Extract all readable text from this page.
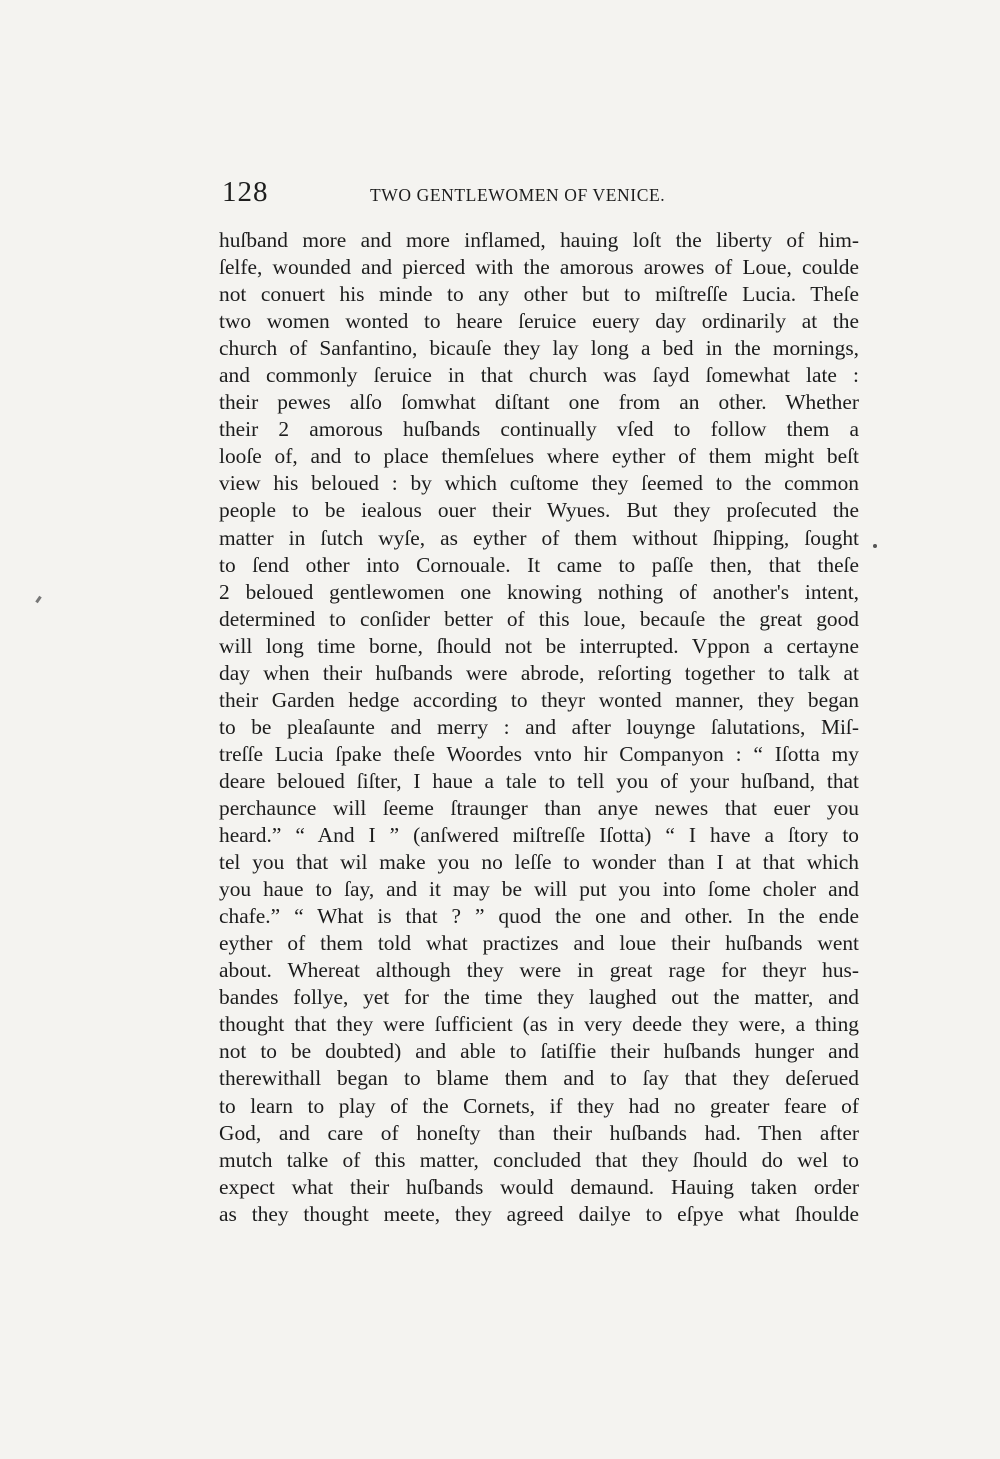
128	TWO GENTLEWOMEN OF VENICE.
huſband more and more inflamed, hauing loſt the liberty of him-
ſelfe, wounded and pierced with the amorous arowes of Loue, coulde
not conuert his minde to any other but to miſtreſſe Lucia. Theſe
two women wonted to heare ſeruice euery day ordinarily at the
church of Sanfantino, bicauſe they lay long a bed in the mornings,
and commonly ſeruice in that church was ſayd ſomewhat late :
their pewes alſo ſomwhat diſtant one from an other. Whether
their 2 amorous huſbands continually vſed to follow them a
looſe of, and to place themſelues where eyther of them might beſt
view his beloued : by which cuſtome they ſeemed to the common
people to be iealous ouer their Wyues. But they proſecuted the
matter in ſutch wyſe, as eyther of them without ſhipping, ſought
to ſend other into Cornouale. It came to paſſe then, that theſe
2 beloued gentlewomen one knowing nothing of another's intent,
determined to conſider better of this loue, becauſe the great good
will long time borne, ſhould not be interrupted. Vppon a certayne
day when their huſbands were abrode, reſorting together to talk at
their Garden hedge according to theyr wonted manner, they began
to be pleaſaunte and merry : and after louynge ſalutations, Miſ-
treſſe Lucia ſpake theſe Woordes vnto hir Companyon : “ Iſotta my
deare beloued ſiſter, I haue a tale to tell you of your huſband, that
perchaunce will ſeeme ſtraunger than anye newes that euer you
heard.” “ And I ” (anſwered miſtreſſe Iſotta) “ I have a ſtory to
tel you that wil make you no leſſe to wonder than I at that which
you haue to ſay, and it may be will put you into ſome choler and
chafe.” “ What is that ? ” quod the one and other. In the ende
eyther of them told what practizes and loue their huſbands went
about. Whereat although they were in great rage for theyr hus-
bandes follye, yet for the time they laughed out the matter, and
thought that they were ſufficient (as in very deede they were, a thing
not to be doubted) and able to ſatiſfie their huſbands hunger and
therewithall began to blame them and to ſay that they deſerued
to learn to play of the Cornets, if they had no greater feare of
God, and care of honeſty than their huſbands had. Then after
mutch talke of this matter, concluded that they ſhould do wel to
expect what their huſbands would demaund. Hauing taken order
as they thought meete, they agreed dailye to eſpye what ſhoulde
